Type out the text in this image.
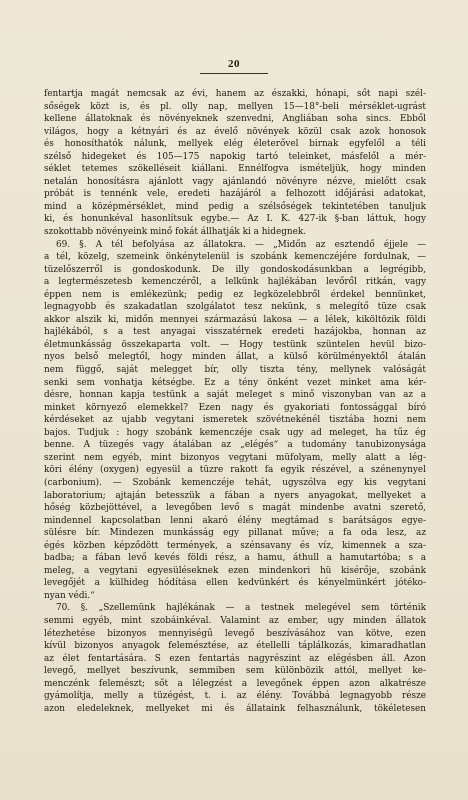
20
fentartja magát nemcsak az évi, hanem az északki, hónapi, sőt napi szél-
sőségek közt is, és pl. olly nap, mellyen 15—18°-beli mérséklet-ugrást
kellene állatoknak és növényeknek szenvedni, Angliában soha sincs. Ebből
világos, hogy a kétnyári és az évelő növények közül csak azok honosok
és honosíthatók nálunk, mellyek elég életerővel birnak egyfelől a téli
szélső hidegeket és 105—175 napokig tartó teleinket, másfelől a mér-
séklet tetemes szökelléseit kiállani. Ennélfogva ismételjük, hogy minden
netalán honosításra ajánlott vagy ajánlandó növényre nézve, mielőtt csak
próbát is tennénk vele, eredeti hazájáról a felhozott időjárási adatokat,
mind a középmérséklet, mind pedig a szélsőségek tekintetében tanuljuk
ki, és honunkéval hasonlítsuk egybe.— Az I. K. 427-ik §-ban láttuk, hogy
szokottabb növényeink minő fokát állhatják ki a hidegnek.
69. §. A tél befolyása az állatokra. — „Midőn az esztendő éjjele —
a tél, közelg, szemeink önkénytelenül is szobánk kemenczéjére fordulnak, —
tüzelőszerről is gondoskodunk. De illy gondoskodásunkban a legrégibb,
a legtermészetesb kemenczéről, a lelkünk hajlékában levőről ritkán, vagy
éppen nem is emlékezünk; pedig ez legközelebbről érdekel bennünket,
legnagyobb és szakadatlan szolgálatot tesz nekünk, s melegítő tüze csak
akkor alszik ki, midőn mennyei származású lakosa — a lélek, kiköltözik földi
hajlékából, s a test anyagai visszatérnek eredeti hazájokba, honnan az
életmunkásság összekaparta volt. — Hogy testünk szüntelen hevül bizo-
nyos belső melegtől, hogy minden állat, a külső körülményektől átalán
nem függő, saját melegget bír, olly tiszta tény, mellynek valóságát
senki sem vonhatja kétségbe. Ez a tény önként vezet minket ama kér-
désre, honnan kapja testünk a saját meleget s minő viszonyban van az a
minket környező elemekkel? Ezen nagy és gyakoriati fontossággal bíró
kérdéseket az ujabb vegytani ismeretek szövétnekénél tisztába hozni nem
bajos. Tudjuk : hogy szobánk kemenczéje csak ugy ad meleget, ha tűz ég
benne. A tüzegés vagy átalában az „elégés“ a tudomány tanubizonysága
szerint nem egyéb, mint bizonyos vegytani müfolyam, melly alatt a lég-
köri élény (oxygen) egyesül a tüzre rakott fa egyik részével, a szénenynyel
(carbonium). — Szobánk kemenczéje tehát, ugyszólva egy kis vegytani
laboratorium; ajtaján betesszük a fában a nyers anyagokat, mellyeket a
hőség közbejöttével, a levegőben levő s magát mindenbe avatni szerető,
mindennel kapcsolatban lenni akaró élény megtámad s barátságos egye-
sülésre bír. Mindezen munkásság egy pillanat műve; a fa oda lesz, az
égés közben képződött termények, a szénsavany és víz, kimennek a sza-
badba; a fában levő kevés földi rész, a hamu, áthull a hamutartóba; s a
meleg, a vegytani egyesüléseknek ezen mindenkori hü kisérője, szobánk
levegőjét a külhideg hódítása ellen kedvünkért és kényelmünkért jótéko-
nyan védi.“
70. §. „Szellemünk hajlékának — a testnek melegével sem történik
semmi egyéb, mint szobáinkéval. Valamint az ember, ugy minden állatok
létezhetése bizonyos mennyiségű levegő beszívásához van kötve, ezen
kívül bizonyos anyagok felemésztése, az étellelli táplálkozás, kimaradhatlan
az élet fentartására. S ezen fentartás nagyrészint az elégésben áll. Azon
levegő, mellyet beszívunk, semmiben sem különbözik attól, mellyet ke-
menczénk felemészt; sőt a lélegzést a levegőnek éppen azon alkatrésze
gyámolítja, melly a tüzégést, t. i. az élény. Továbbá legnagyobb része
azon eledeleknek, mellyeket mi és állataink felhasználunk, tökéletesen
